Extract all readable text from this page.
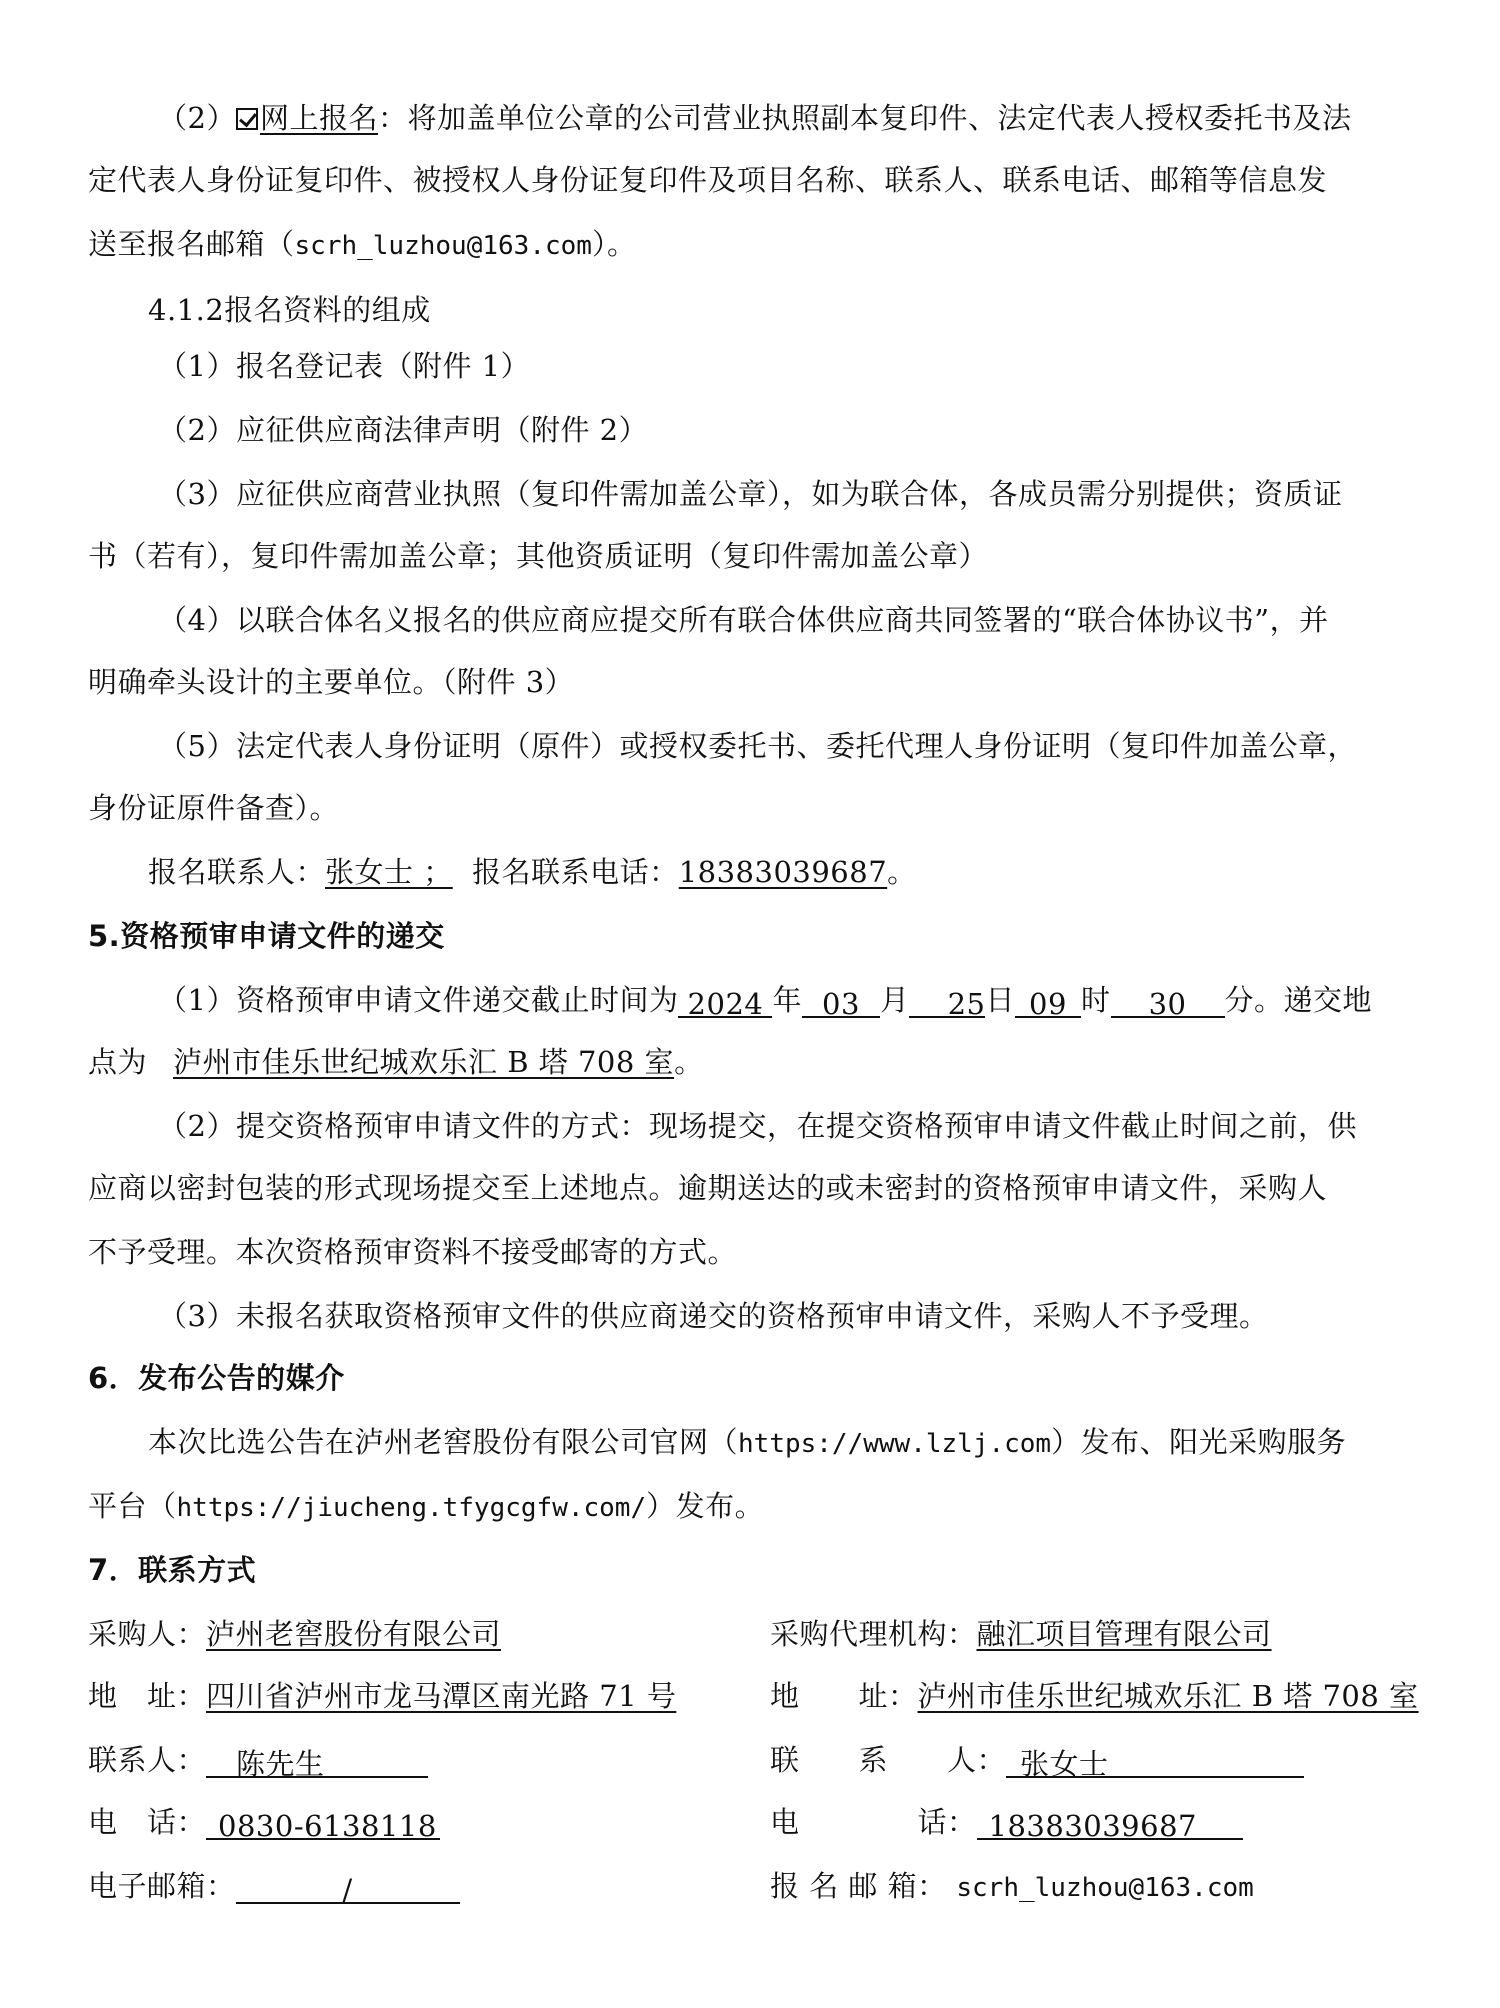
（2） 网上报名：将加盖单位公章的公司营业执照副本复印件、法定代表人授权委托书及法
定代表人身份证复印件、被授权人身份证复印件及项目名称、联系人、联系电话、邮箱等信息发
送至报名邮箱（scrh_luzhou@163.com）。
4.1.2报名资料的组成
（1）报名登记表（附件 1）
（2）应征供应商法律声明（附件 2）
（3）应征供应商营业执照（复印件需加盖公章），如为联合体，各成员需分别提供；资质证
书（若有），复印件需加盖公章；其他资质证明（复印件需加盖公章）
（4）以联合体名义报名的供应商应提交所有联合体供应商共同签署的“联合体协议书”，并
明确牵头设计的主要单位。（附件 3）
（5）法定代表人身份证明（原件）或授权委托书、委托代理人身份证明（复印件加盖公章，
身份证原件备查）。
报名联系人：张女士 ； 报名联系电话：18383039687。
5.资格预审申请文件的递交
（1）资格预审申请文件递交截止时间为 2024 年 03 月 25日 09 时 30 分。递交地
点为 泸州市佳乐世纪城欢乐汇 B 塔 708 室。
（2）提交资格预审申请文件的方式：现场提交，在提交资格预审申请文件截止时间之前，供
应商以密封包装的形式现场提交至上述地点。逾期送达的或未密封的资格预审申请文件，采购人
不予受理。本次资格预审资料不接受邮寄的方式。
（3）未报名获取资格预审文件的供应商递交的资格预审申请文件，采购人不予受理。
6．发布公告的媒介
本次比选公告在泸州老窖股份有限公司官网（https://www.lzlj.com）发布、阳光采购服务
平台（https://jiucheng.tfygcgfw.com/）发布。
7．联系方式
采购人：泸州老窖股份有限公司
地　址：四川省泸州市龙马潭区南光路 71 号
联系人： 陈先生
电　话： 0830-6138118
电子邮箱：	/
采购代理机构：融汇项目管理有限公司
地　　址：泸州市佳乐世纪城欢乐汇 B 塔 708 室
联　　系　　人： 张女士
电　　　　话： 18383039687
报 名 邮 箱： scrh_luzhou@163.com
